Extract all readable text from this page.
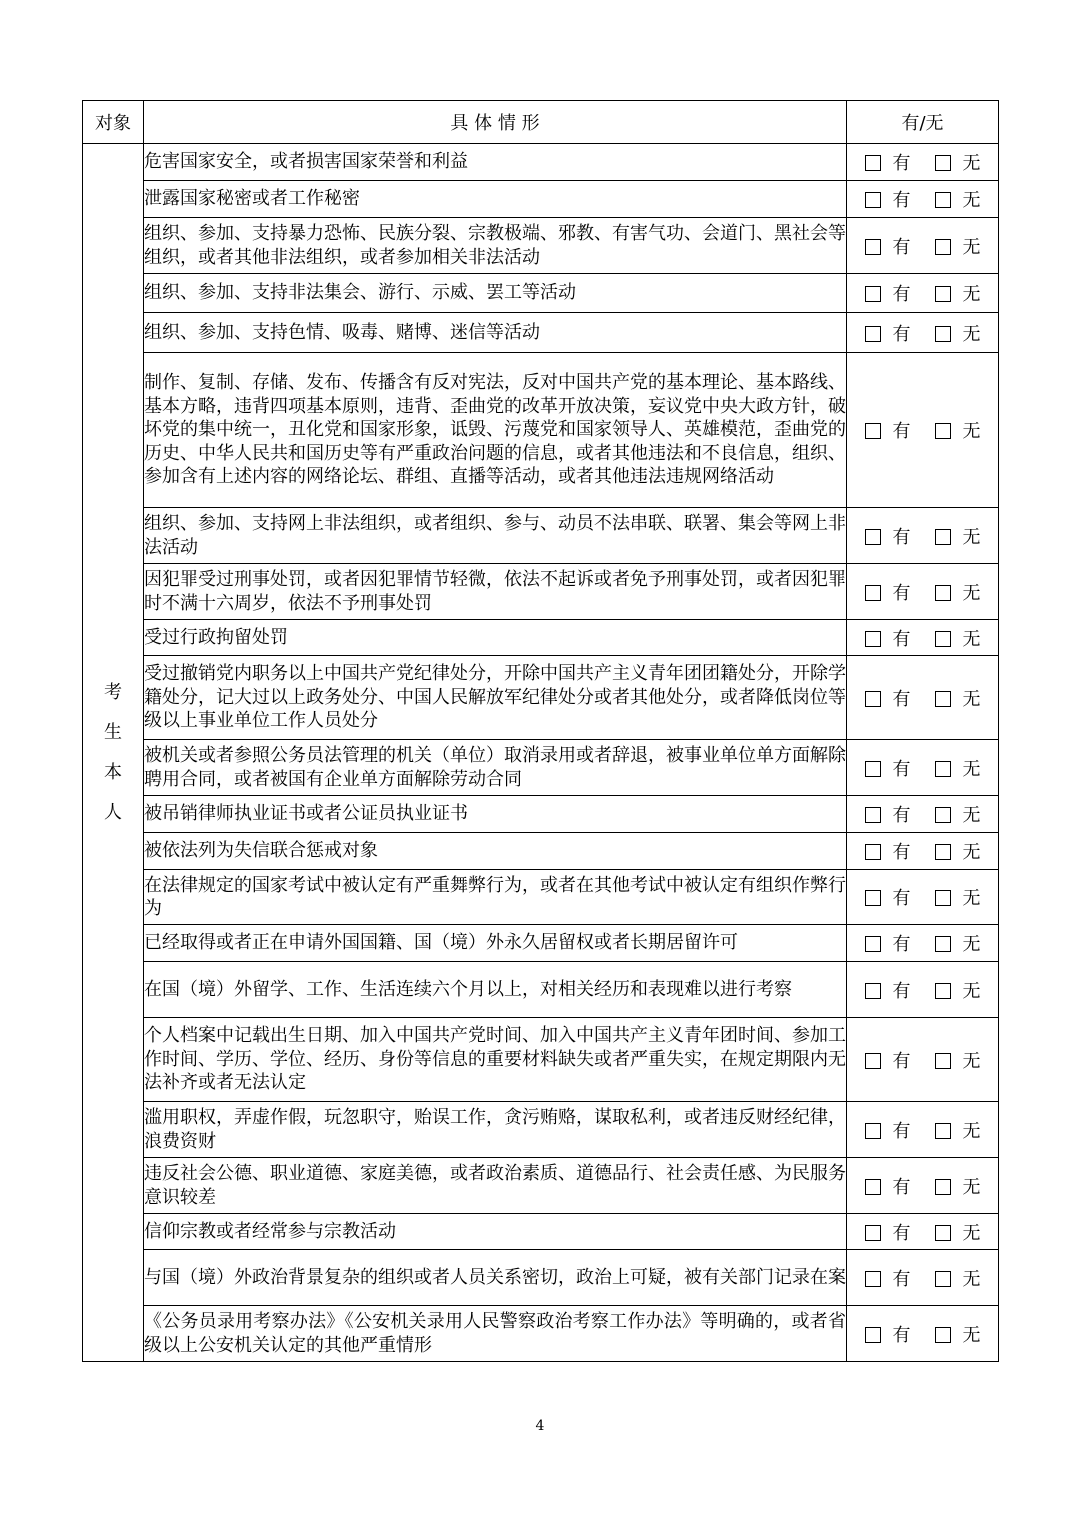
对象	具 体 情 形	有/无
考生本人	危害国家安全，或者损害国家荣誉和利益	有 无
	泄露国家秘密或者工作秘密	有 无
	组织、参加、支持暴力恐怖、民族分裂、宗教极端、邪教、有害气功、会道门、黑社会等组织，或者其他非法组织，或者参加相关非法活动	有 无
	组织、参加、支持非法集会、游行、示威、罢工等活动	有 无
	组织、参加、支持色情、吸毒、赌博、迷信等活动	有 无
	制作、复制、存储、发布、传播含有反对宪法，反对中国共产党的基本理论、基本路线、基本方略，违背四项基本原则，违背、歪曲党的改革开放决策，妄议党中央大政方针，破坏党的集中统一，丑化党和国家形象，诋毁、污蔑党和国家领导人、英雄模范，歪曲党的历史、中华人民共和国历史等有严重政治问题的信息，或者其他违法和不良信息，组织、参加含有上述内容的网络论坛、群组、直播等活动，或者其他违法违规网络活动	有 无
	组织、参加、支持网上非法组织，或者组织、参与、动员不法串联、联署、集会等网上非法活动	有 无
	因犯罪受过刑事处罚，或者因犯罪情节轻微，依法不起诉或者免予刑事处罚，或者因犯罪时不满十六周岁，依法不予刑事处罚	有 无
	受过行政拘留处罚	有 无
	受过撤销党内职务以上中国共产党纪律处分，开除中国共产主义青年团团籍处分，开除学籍处分，记大过以上政务处分、中国人民解放军纪律处分或者其他处分，或者降低岗位等级以上事业单位工作人员处分	有 无
	被机关或者参照公务员法管理的机关（单位）取消录用或者辞退，被事业单位单方面解除聘用合同，或者被国有企业单方面解除劳动合同	有 无
	被吊销律师执业证书或者公证员执业证书	有 无
	被依法列为失信联合惩戒对象	有 无
	在法律规定的国家考试中被认定有严重舞弊行为，或者在其他考试中被认定有组织作弊行为	有 无
	已经取得或者正在申请外国国籍、国（境）外永久居留权或者长期居留许可	有 无
	在国（境）外留学、工作、生活连续六个月以上，对相关经历和表现难以进行考察	有 无
	个人档案中记载出生日期、加入中国共产党时间、加入中国共产主义青年团时间、参加工作时间、学历、学位、经历、身份等信息的重要材料缺失或者严重失实，在规定期限内无法补齐或者无法认定	有 无
	滥用职权，弄虚作假，玩忽职守，贻误工作，贪污贿赂，谋取私利，或者违反财经纪律，浪费资财	有 无
	违反社会公德、职业道德、家庭美德，或者政治素质、道德品行、社会责任感、为民服务意识较差	有 无
	信仰宗教或者经常参与宗教活动	有 无
	与国（境）外政治背景复杂的组织或者人员关系密切，政治上可疑，被有关部门记录在案	有 无
	《公务员录用考察办法》《公安机关录用人民警察政治考察工作办法》等明确的，或者省级以上公安机关认定的其他严重情形	有 无
4
